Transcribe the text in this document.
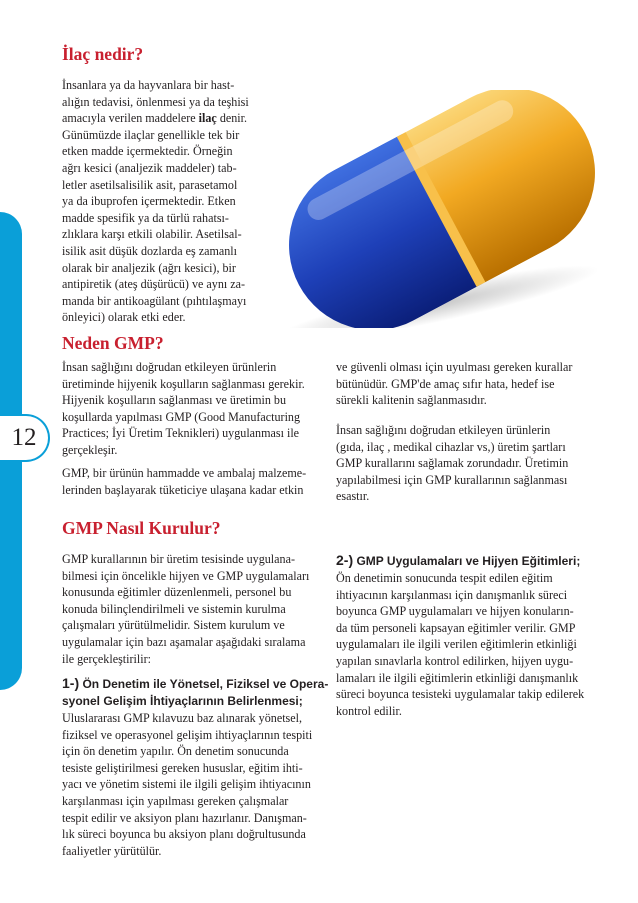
12
İlaç nedir?

İnsanlara ya da hayvanlara bir hast-
alığın tedavisi, önlenmesi ya da teşhisi
amacıyla verilen maddelere ilaç denir.
Günümüzde ilaçlar genellikle tek bir
etken madde içermektedir. Örneğin
ağrı kesici (analjezik maddeler) tab-
letler asetilsalisilik asit, parasetamol
ya da ibuprofen içermektedir. Etken
madde spesifik ya da türlü rahatsı-
zlıklara karşı etkili olabilir. Asetilsal-
isilik asit düşük dozlarda eş zamanlı
olarak bir analjezik (ağrı kesici), bir
antipiretik (ateş düşürücü) ve aynı za-
manda bir antikoagülant (pıhtılaşmayı
önleyici) olarak etki eder.

Neden GMP?

İnsan sağlığını doğrudan etkileyen ürünlerin
üretiminde hijyenik koşulların sağlanması gerekir.
Hijyenik koşulların sağlanması ve üretimin bu
koşullarda yapılması GMP (Good Manufacturing
Practices; İyi Üretim Teknikleri) uygulanması ile
gerçekleşir.

GMP, bir ürünün hammadde ve ambalaj malzeme-
lerinden başlayarak tüketiciye ulaşana kadar etkin

ve güvenli olması için uyulması gereken kurallar
bütünüdür. GMP'de amaç sıfır hata, hedef ise
sürekli kalitenin sağlanmasıdır.

İnsan sağlığını doğrudan etkileyen ürünlerin
(gıda, ilaç , medikal cihazlar vs,) üretim şartları
GMP kurallarını sağlamak zorundadır. Üretimin
yapılabilmesi için GMP kurallarının sağlanması
esastır.

GMP Nasıl Kurulur?

GMP kurallarının bir üretim tesisinde uygulana-
bilmesi için öncelikle hijyen ve GMP uygulamaları
konusunda eğitimler düzenlenmeli, personel bu
konuda bilinçlendirilmeli ve sistemin kurulma
çalışmaları yürütülmelidir. Sistem kurulum ve
uygulamalar için bazı aşamalar aşağıdaki sıralama
ile gerçekleştirilir:

1-) Ön Denetim ile Yönetsel, Fiziksel ve Opera-
syonel Gelişim İhtiyaçlarının Belirlenmesi;

Uluslararası GMP kılavuzu baz alınarak yönetsel,
fiziksel ve operasyonel gelişim ihtiyaçlarının tespiti
için ön denetim yapılır. Ön denetim sonucunda
tesiste geliştirilmesi gereken hususlar, eğitim ihti-
yacı ve yönetim sistemi ile ilgili gelişim ihtiyacının
karşılanması için yapılması gereken çalışmalar
tespit edilir ve aksiyon planı hazırlanır. Danışman-
lık süreci boyunca bu aksiyon planı doğrultusunda
faaliyetler yürütülür.

2-) GMP Uygulamaları ve Hijyen Eğitimleri;

Ön denetimin sonucunda tespit edilen eğitim
ihtiyacının karşılanması için danışmanlık süreci
boyunca GMP uygulamaları ve hijyen konuların-
da tüm personeli kapsayan eğitimler verilir. GMP
uygulamaları ile ilgili verilen eğitimlerin etkinliği
yapılan sınavlarla kontrol edilirken, hijyen uygu-
lamaları ile ilgili eğitimlerin etkinliği danışmanlık
süreci boyunca tesisteki uygulamalar takip edilerek
kontrol edilir.
